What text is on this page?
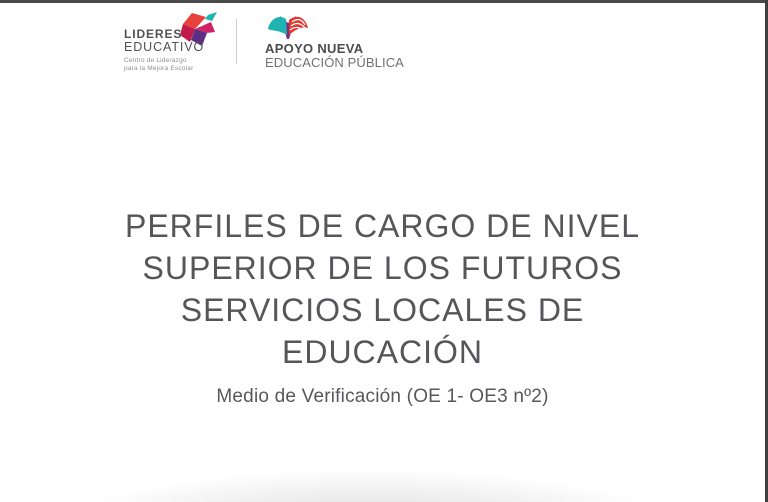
LIDERES
EDUCATIVO
Centro de Liderazgo
para la Mejora Escolar
APOYO NUEVA
EDUCACIÓN PÚBLICA
PERFILES DE CARGO DE NIVEL
SUPERIOR DE LOS FUTUROS
SERVICIOS LOCALES DE
EDUCACIÓN
Medio de Verificación (OE 1- OE3 nº2)
